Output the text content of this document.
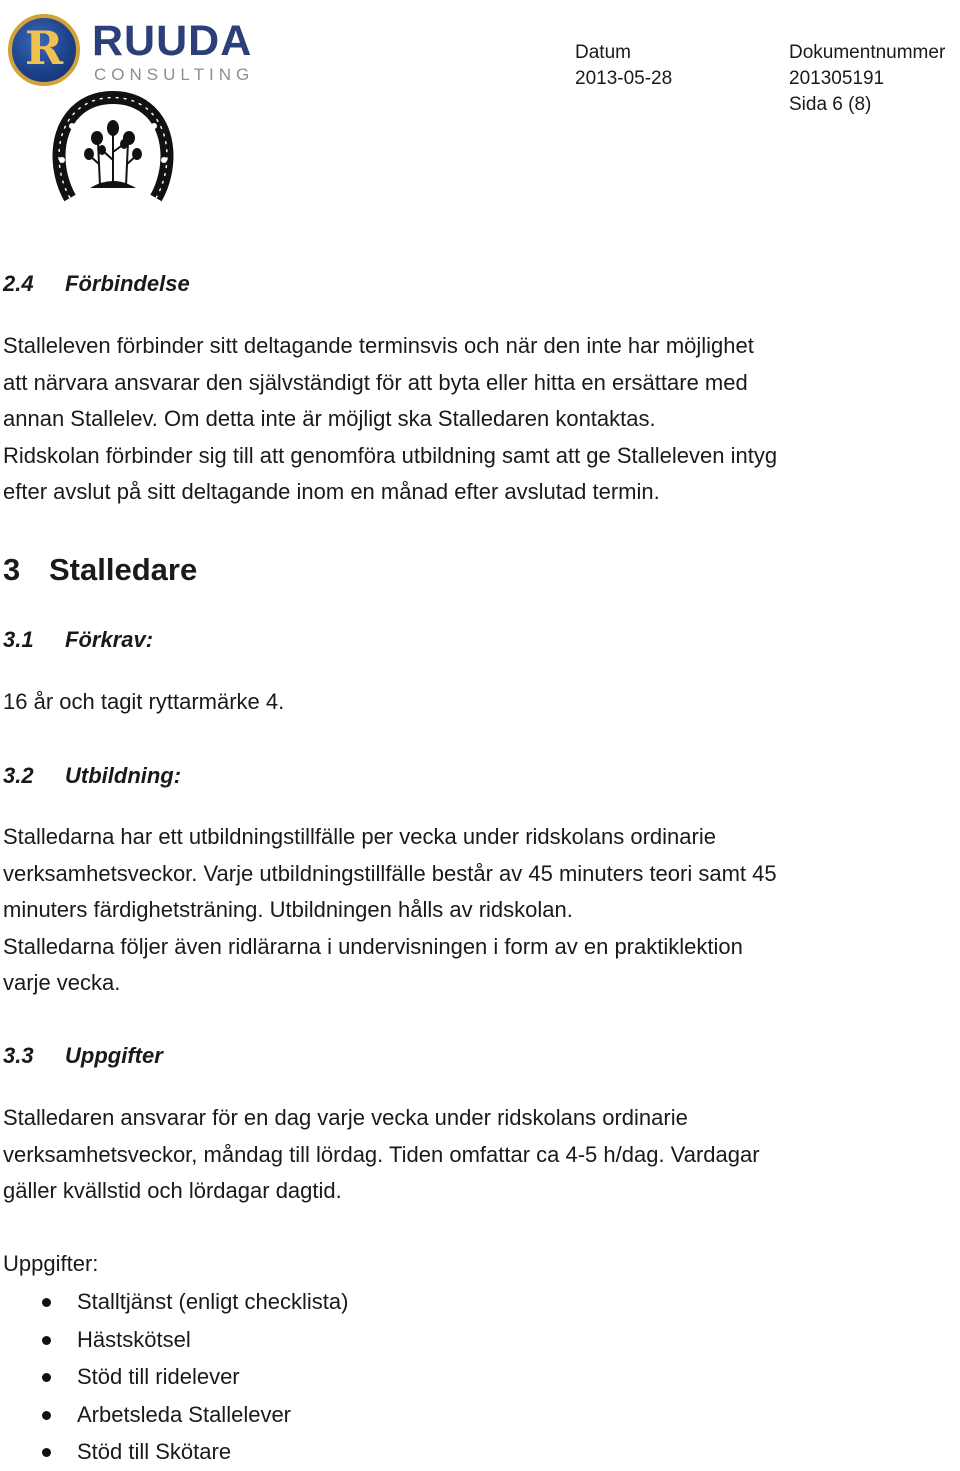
R RUUDA
CONSULTING
Datum
2013-05-28
Dokumentnummer
201305191
Sida 6 (8)
2.4 Förbindelse
Stalleleven förbinder sitt deltagande terminsvis och när den inte har möjlighet
att närvara ansvarar den självständigt för att byta eller hitta en ersättare med
annan Stallelev. Om detta inte är möjligt ska Stalledaren kontaktas.
Ridskolan förbinder sig till att genomföra utbildning samt att ge Stalleleven intyg
efter avslut på sitt deltagande inom en månad efter avslutad termin.
3 Stalledare
3.1 Förkrav:
16 år och tagit ryttarmärke 4.
3.2 Utbildning:
Stalledarna har ett utbildningstillfälle per vecka under ridskolans ordinarie
verksamhetsveckor. Varje utbildningstillfälle består av 45 minuters teori samt 45
minuters färdighetsträning. Utbildningen hålls av ridskolan.
Stalledarna följer även ridlärarna i undervisningen i form av en praktiklektion
varje vecka.
3.3 Uppgifter
Stalledaren ansvarar för en dag varje vecka under ridskolans ordinarie
verksamhetsveckor, måndag till lördag. Tiden omfattar ca 4-5 h/dag. Vardagar
gäller kvällstid och lördagar dagtid.
Uppgifter:
Stalltjänst (enligt checklista)
Hästskötsel
Stöd till ridelever
Arbetsleda Stallelever
Stöd till Skötare
